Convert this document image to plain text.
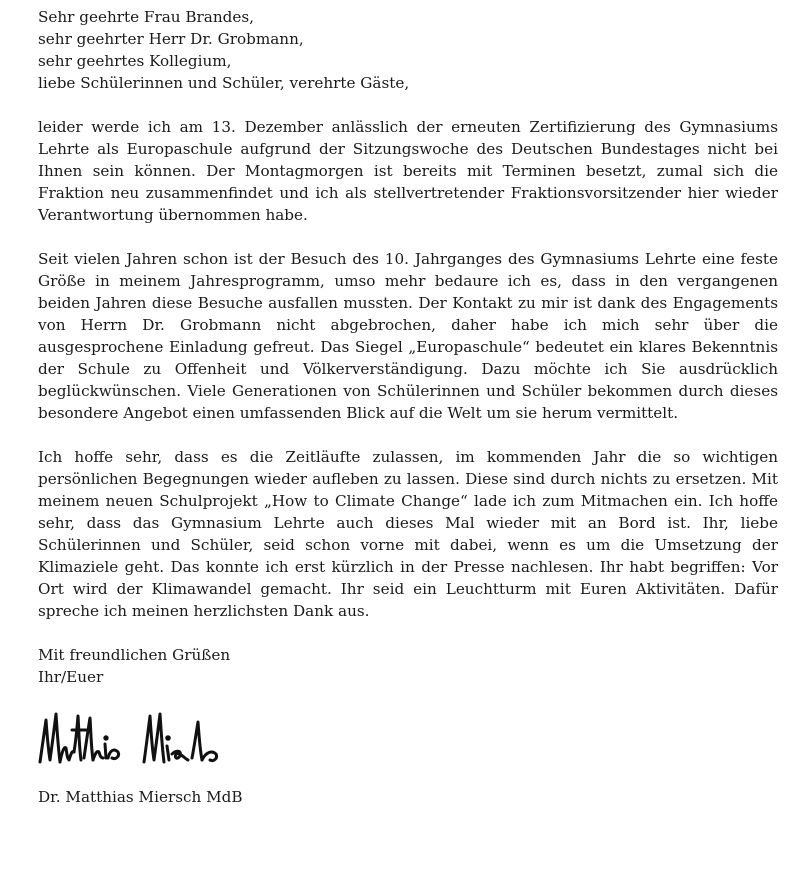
Sehr geehrte Frau Brandes,

sehr geehrter Herr Dr. Grobmann,

sehr geehrtes Kollegium,

liebe Schülerinnen und Schüler, verehrte Gäste,

leider werde ich am 13. Dezember anlässlich der erneuten Zertifizierung des Gymnasiums Lehrte als Europaschule aufgrund der Sitzungswoche des Deutschen Bundestages nicht bei Ihnen sein können. Der Montagmorgen ist bereits mit Terminen besetzt, zumal sich die Fraktion neu zusammenfindet und ich als stellvertretender Fraktionsvorsitzender hier wieder Verantwortung übernommen habe.

Seit vielen Jahren schon ist der Besuch des 10. Jahrganges des Gymnasiums Lehrte eine feste Größe in meinem Jahresprogramm, umso mehr bedaure ich es, dass in den vergangenen beiden Jahren diese Besuche ausfallen mussten. Der Kontakt zu mir ist dank des Engagements von Herrn Dr. Grobmann nicht abgebrochen, daher habe ich mich sehr über die ausgesprochene Einladung gefreut. Das Siegel „Europaschule“ bedeutet ein klares Bekenntnis der Schule zu Offenheit und Völkerverständigung. Dazu möchte ich Sie ausdrücklich beglückwünschen. Viele Generationen von Schülerinnen und Schüler bekommen durch dieses besondere Angebot einen umfassenden Blick auf die Welt um sie herum vermittelt.

Ich hoffe sehr, dass es die Zeitläufte zulassen, im kommenden Jahr die so wichtigen persönlichen Begegnungen wieder aufleben zu lassen. Diese sind durch nichts zu ersetzen. Mit meinem neuen Schulprojekt „How to Climate Change“ lade ich zum Mitmachen ein. Ich hoffe sehr, dass das Gymnasium Lehrte auch dieses Mal wieder mit an Bord ist. Ihr, liebe Schülerinnen und Schüler, seid schon vorne mit dabei, wenn es um die Umsetzung der Klimaziele geht. Das konnte ich erst kürzlich in der Presse nachlesen. Ihr habt begriffen: Vor Ort wird der Klimawandel gemacht. Ihr seid ein Leuchtturm mit Euren Aktivitäten. Dafür spreche ich meinen herzlichsten Dank aus.

Mit freundlichen Grüßen

Ihr/Euer

Dr. Matthias Miersch MdB
